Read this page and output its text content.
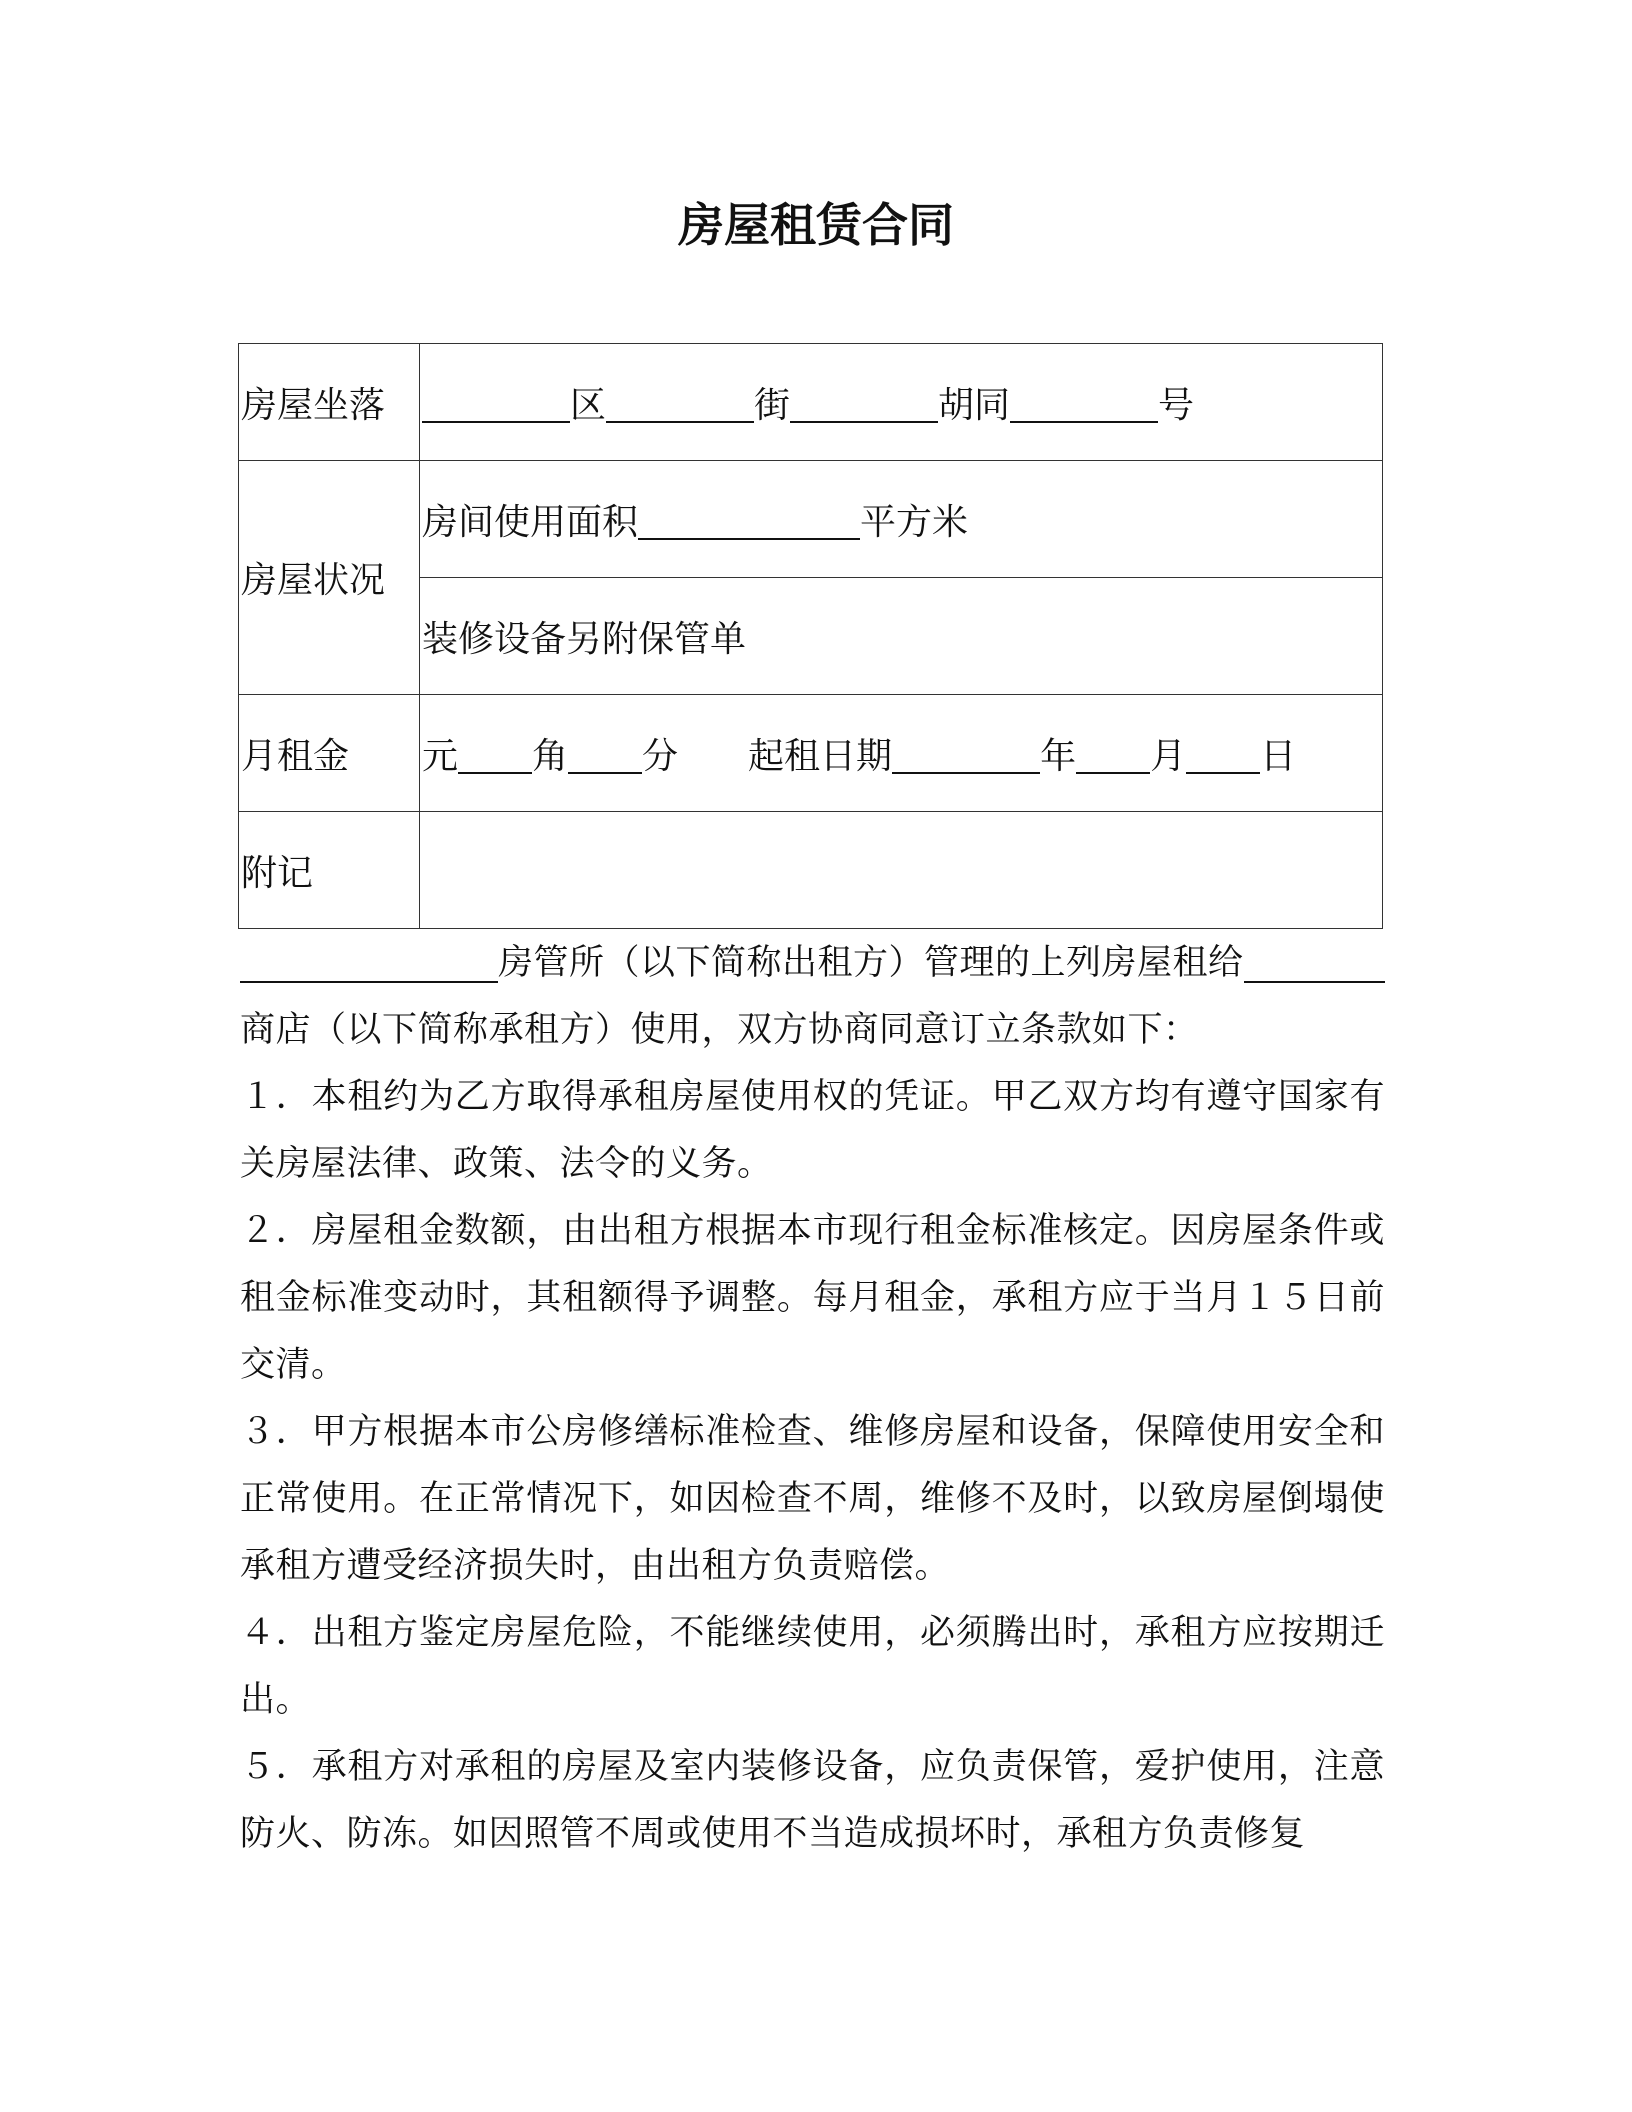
房屋租赁合同
房屋坐落	区 街 胡同 号
房屋状况	房间使用面积 平方米
	装修设备另附保管单
月租金	元 角 分 起租日期 年 月 日
附记	
房管所（以下简称出租方）管理的上列房屋租给

商店（以下简称承租方）使用，双方协商同意订立条款如下：

１．本租约为乙方取得承租房屋使用权的凭证。甲乙双方均有遵守国家有关房屋法律、政策、法令的义务。

２．房屋租金数额，由出租方根据本市现行租金标准核定。因房屋条件或租金标准变动时，其租额得予调整。每月租金，承租方应于当月１５日前交清。

３．甲方根据本市公房修缮标准检查、维修房屋和设备，保障使用安全和正常使用。在正常情况下，如因检查不周，维修不及时，以致房屋倒塌使承租方遭受经济损失时，由出租方负责赔偿。

４．出租方鉴定房屋危险，不能继续使用，必须腾出时，承租方应按期迁出。

５．承租方对承租的房屋及室内装修设备，应负责保管，爱护使用，注意防火、防冻。如因照管不周或使用不当造成损坏时，承租方负责修复
